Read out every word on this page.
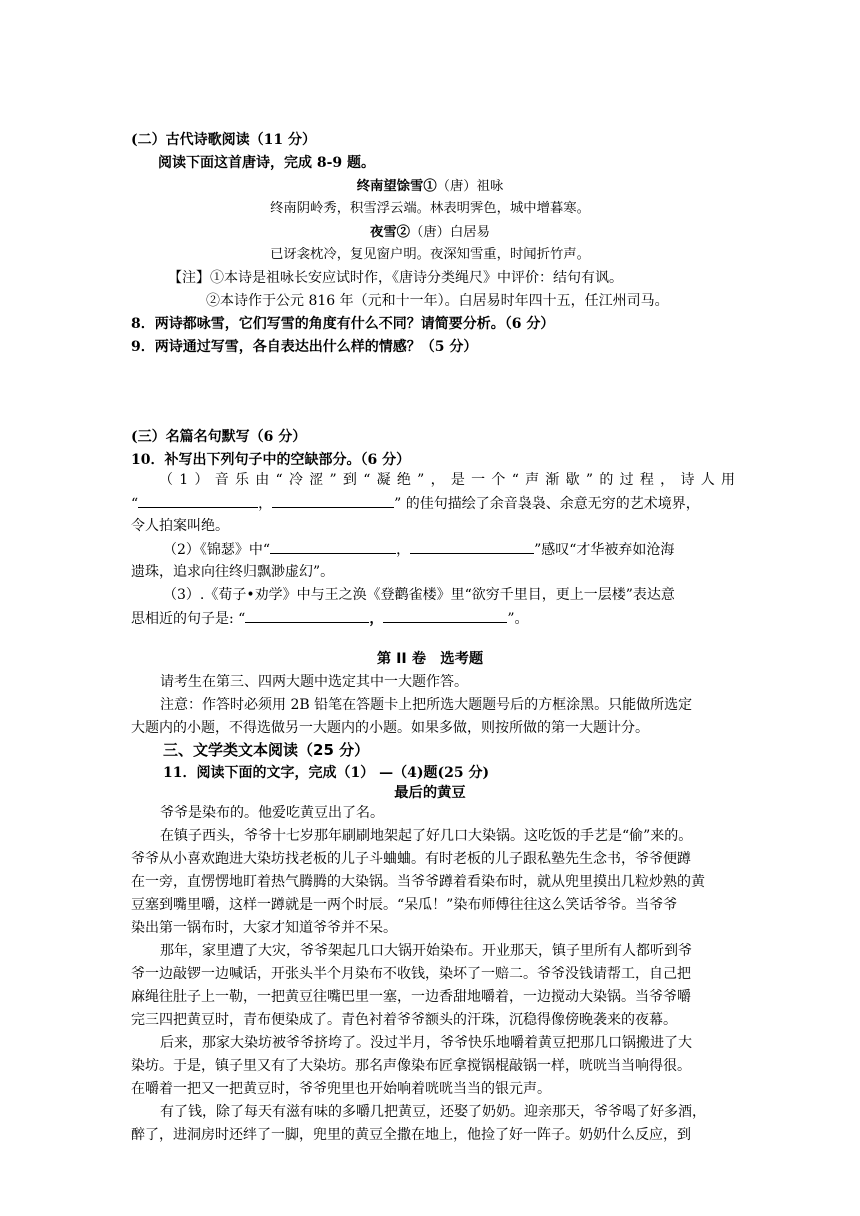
(二）古代诗歌阅读（11 分）
阅读下面这首唐诗，完成 8-9 题。
终南望馀雪①（唐）祖咏
终南阴岭秀，积雪浮云端。林表明霁色，城中增暮寒。
夜雪②（唐）白居易
已讶衾枕冷，复见窗户明。夜深知雪重，时闻折竹声。
【注】①本诗是祖咏长安应试时作，《唐诗分类绳尺》中评价：结句有讽。
②本诗作于公元 816 年（元和十一年）。白居易时年四十五，任江州司马。
8．两诗都咏雪，它们写雪的角度有什么不同？请简要分析。（6 分）
9．两诗通过写雪，各自表达出什么样的情感？（5 分）
(三）名篇名句默写（6 分）
10．补写出下列句子中的空缺部分。（6 分）
（1）音乐由“冷涩”到“凝绝”，是一个“声渐歇”的过程，诗人用
“	，	” 的佳句描绘了余音袅袅、余意无穷的艺术境界，
令人拍案叫绝。
（2）《锦瑟》中“	，	”感叹“才华被弃如沧海
遗珠，追求向往终归飘渺虚幻”。
（3）.《荀子•劝学》中与王之涣《登鹳雀楼》里“欲穷千里目，更上一层楼”表达意
思相近的句子是: “	，	”。
第 II 卷　选考题
请考生在第三、四两大题中选定其中一大题作答。
注意：作答时必须用 2B 铅笔在答题卡上把所选大题题号后的方框涂黑。只能做所选定
大题内的小题，不得选做另一大题内的小题。如果多做，则按所做的第一大题计分。
三、文学类文本阅读（25 分）
11．阅读下面的文字，完成（1） —（4)题(25 分)
最后的黄豆
爷爷是染布的。他爱吃黄豆出了名。
在镇子西头，爷爷十七岁那年刷刷地架起了好几口大染锅。这吃饭的手艺是“偷”来的。
爷爷从小喜欢跑进大染坊找老板的儿子斗蛐蛐。有时老板的儿子跟私塾先生念书，爷爷便蹲
在一旁，直愣愣地盯着热气腾腾的大染锅。当爷爷蹲着看染布时，就从兜里摸出几粒炒熟的黄
豆塞到嘴里嚼，这样一蹲就是一两个时辰。“呆瓜！”染布师傅往往这么笑话爷爷。当爷爷
染出第一锅布时，大家才知道爷爷并不呆。
那年，家里遭了大灾，爷爷架起几口大锅开始染布。开业那天，镇子里所有人都听到爷
爷一边敲锣一边喊话，开张头半个月染布不收钱，染坏了一赔二。爷爷没钱请帮工，自己把
麻绳往肚子上一勒，一把黄豆往嘴巴里一塞，一边香甜地嚼着，一边搅动大染锅。当爷爷嚼
完三四把黄豆时，青布便染成了。青色衬着爷爷额头的汗珠，沉稳得像傍晚袭来的夜幕。
后来，那家大染坊被爷爷挤垮了。没过半月，爷爷快乐地嚼着黄豆把那几口锅搬进了大
染坊。于是，镇子里又有了大染坊。那名声像染布匠拿搅锅棍敲锅一样，咣咣当当响得很。
在嚼着一把又一把黄豆时，爷爷兜里也开始响着咣咣当当的银元声。
有了钱，除了每天有滋有味的多嚼几把黄豆，还娶了奶奶。迎亲那天，爷爷喝了好多酒，
醉了，进洞房时还绊了一脚，兜里的黄豆全撒在地上，他捡了好一阵子。奶奶什么反应，到
